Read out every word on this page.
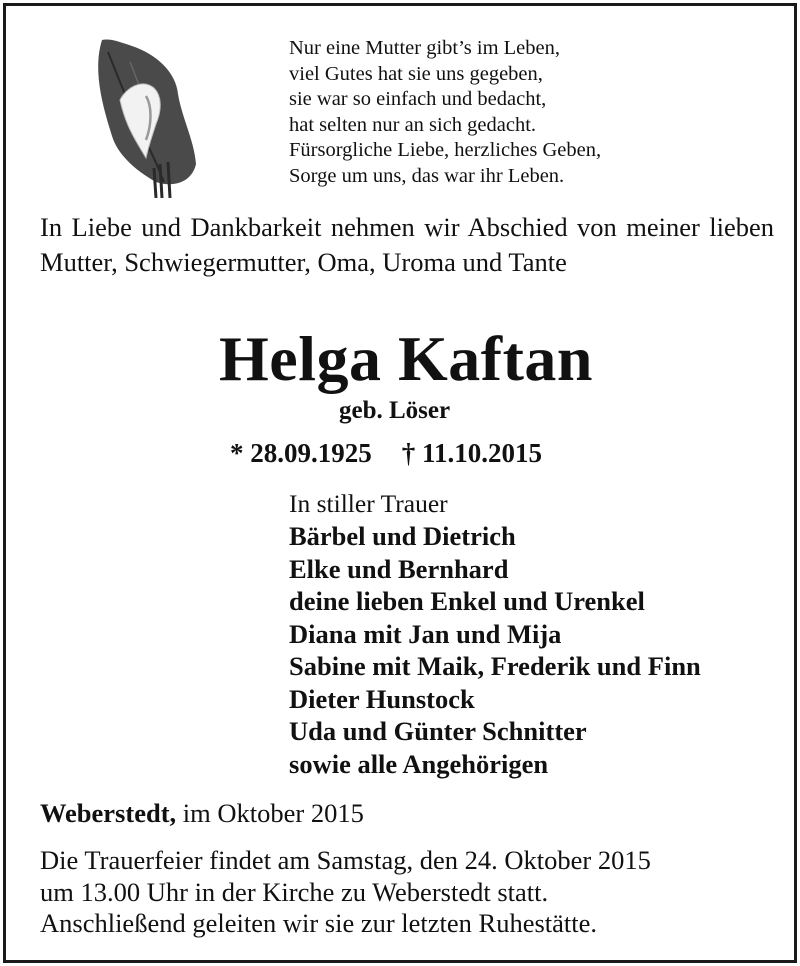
Nur eine Mutter gibt’s im Leben,
viel Gutes hat sie uns gegeben,
sie war so einfach und bedacht,
hat selten nur an sich gedacht.
Fürsorgliche Liebe, herzliches Geben,
Sorge um uns, das war ihr Leben.
In Liebe und Dankbarkeit nehmen wir Abschied von meiner lieben Mutter, Schwiegermutter, Oma, Uroma und Tante
Helga Kaftan
geb. Löser
* 28.09.1925 † 11.10.2015
In stiller Trauer
Bärbel und Dietrich
Elke und Bernhard
deine lieben Enkel und Urenkel
Diana mit Jan und Mija
Sabine mit Maik, Frederik und Finn
Dieter Hunstock
Uda und Günter Schnitter
sowie alle Angehörigen
Weberstedt, im Oktober 2015
Die Trauerfeier findet am Samstag, den 24. Oktober 2015
um 13.00 Uhr in der Kirche zu Weberstedt statt.
Anschließend geleiten wir sie zur letzten Ruhestätte.
